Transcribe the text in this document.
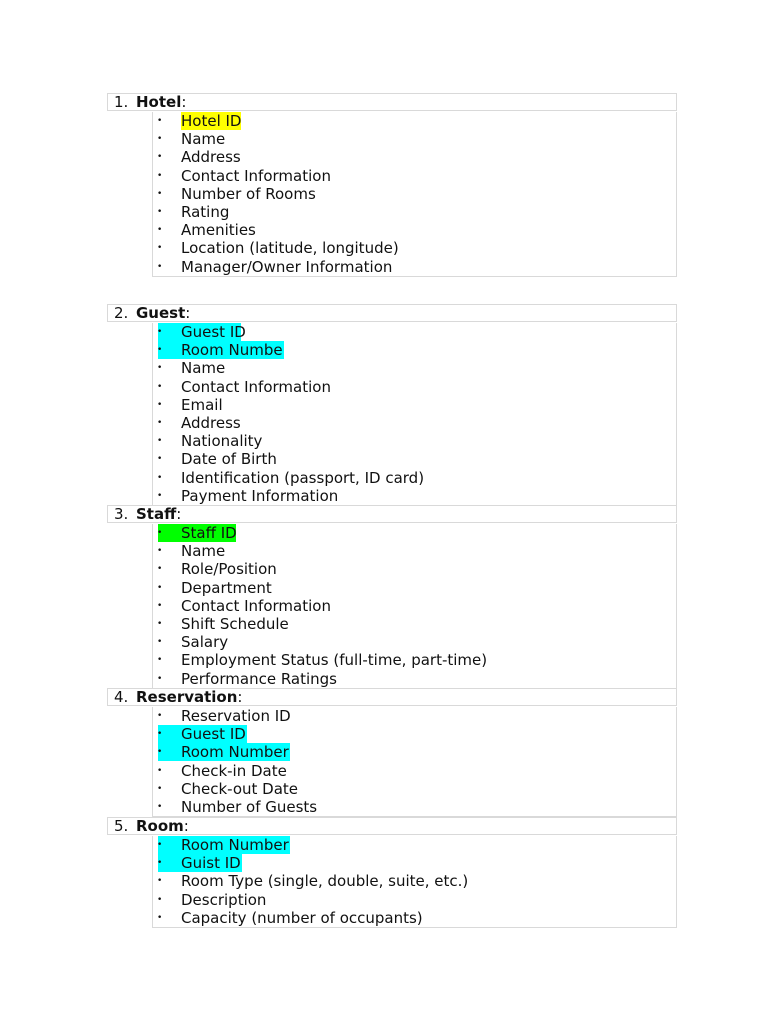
1. Hotel:
• Hotel ID
• Name
• Address
• Contact Information
• Number of Rooms
• Rating
• Amenities
• Location (latitude, longitude)
• Manager/Owner Information
2. Guest:
• Guest ID
• Room Numbe
• Name
• Contact Information
• Email
• Address
• Nationality
• Date of Birth
• Identification (passport, ID card)
• Payment Information
3. Staff:
• Staff ID
• Name
• Role/Position
• Department
• Contact Information
• Shift Schedule
• Salary
• Employment Status (full-time, part-time)
• Performance Ratings
4. Reservation:
• Reservation ID
• Guest ID
• Room Number
• Check-in Date
• Check-out Date
• Number of Guests
5. Room:
• Room Number
• Guist ID
• Room Type (single, double, suite, etc.)
• Description
• Capacity (number of occupants)
